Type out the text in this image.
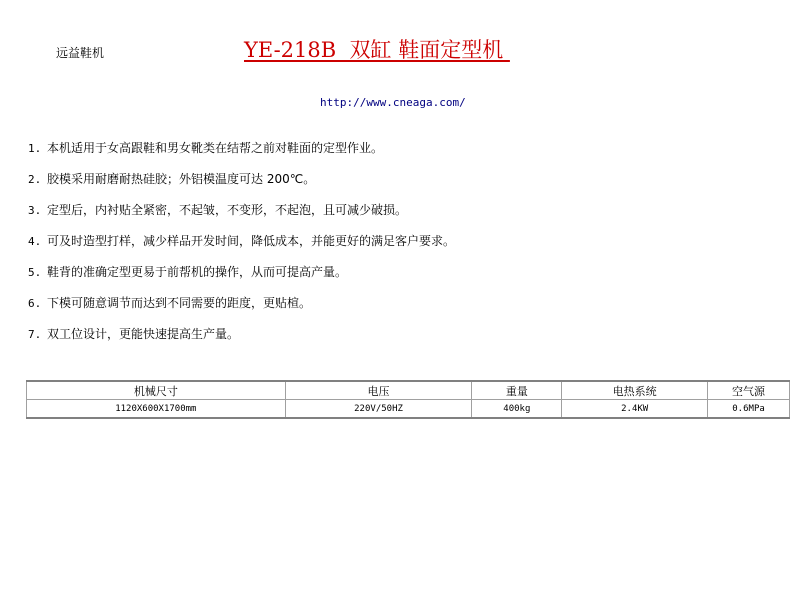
远益鞋机	YE-218B  双缸 鞋面定型机
http://www.cneaga.com/
1. 本机适用于女高跟鞋和男女靴类在结帮之前对鞋面的定型作业。
2. 胶模采用耐磨耐热硅胶；外铝模温度可达 200℃。
3. 定型后，内衬贴全紧密，不起皱，不变形，不起泡，且可减少破损。
4. 可及时造型打样，减少样品开发时间，降低成本，并能更好的满足客户要求。
5. 鞋背的准确定型更易于前帮机的操作，从而可提高产量。
6. 下模可随意调节而达到不同需要的距度，更贴楦。
7. 双工位设计，更能快速提高生产量。
机械尺寸	电压	重量	电热系统	空气源
1120X600X1700mm	220V/50HZ	400kg	2.4KW	0.6MPa
